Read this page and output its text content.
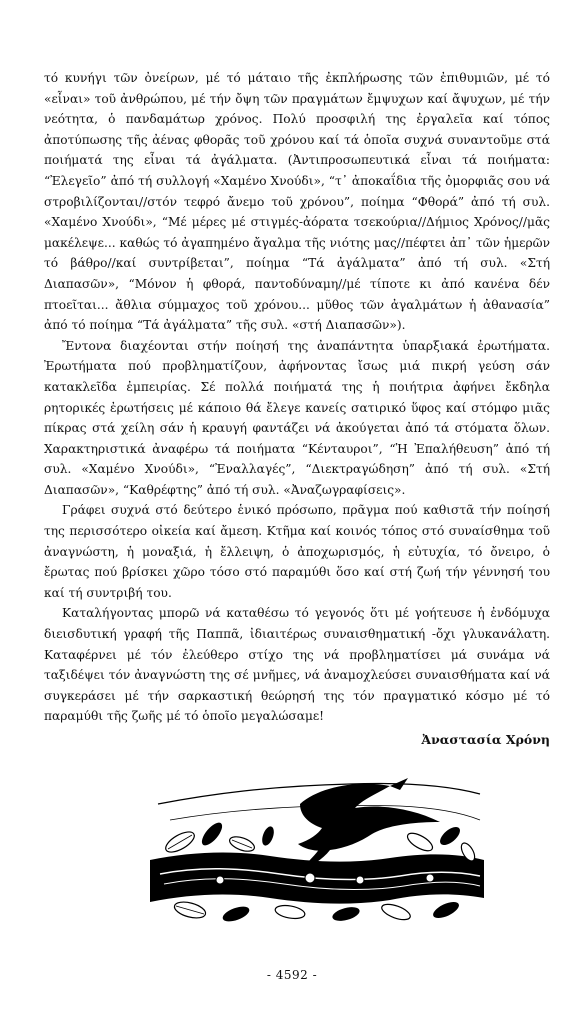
τό κυνήγι τῶν ὀνείρων, μέ τό μάταιο τῆς ἐκπλήρωσης τῶν ἐπιθυμιῶν, μέ τό «εἶναι» τοῦ ἀνθρώπου, μέ τήν ὄψη τῶν πραγμάτων ἔμψυχων καί ἄψυχων, μέ τήν νεότητα, ὁ πανδαμάτωρ χρόνος. Πολύ προσφιλή της ἐργαλεῖα καί τόπος ἀποτύπωσης τῆς ἀένας φθορᾶς τοῦ χρόνου καί τά ὁποῖα συχνά συναντοῦμε στά ποιήματά της εἶναι τά ἀγάλματα. (Ἀντιπροσωπευτικά εἶναι τά ποιήματα: “Ἐλεγεῖο” ἀπό τή συλλογή «Χαμένο Χνούδι», “τ᾽ ἀποκαΐδια τῆς ὀμορφιᾶς σου νά στροβιλίζονται//στόν τεφρό ἄνεμο τοῦ χρόνου”, ποίημα “Φθορά” ἀπό τή συλ. «Χαμένο Χνούδι», “Μέ μέρες μέ στιγμές-ἀόρατα τσεκούρια//Δήμιος Χρόνος//μᾶς μακέλεψε... καθώς τό ἀγαπημένο ἄγαλμα τῆς νιότης μας//πέφτει ἀπ᾽ τῶν ἡμερῶν τό βάθρο//καί συντρίβεται”, ποίημα “Τά ἀγάλματα” ἀπό τή συλ. «Στή Διαπασῶν», “Μόνον ἡ φθορά, παντοδύναμη//μέ τίποτε κι ἀπό κανένα δέν πτοεῖται... ἄθλια σύμμαχος τοῦ χρόνου... μῦθος τῶν ἀγαλμάτων ἡ ἀθανασία” ἀπό τό ποίημα “Τά ἀγάλματα” τῆς συλ. «στή Διαπασῶν»).

Ἔντονα διαχέονται στήν ποίησή της ἀναπάντητα ὑπαρξιακά ἐρωτήματα. Ἐρωτήματα πού προβληματίζουν, ἀφήνοντας ἴσως μιά πικρή γεύση σάν κατακλεῖδα ἐμπειρίας. Σέ πολλά ποιήματά της ἡ ποιήτρια ἀφήνει ἔκδηλα ρητορικές ἐρωτήσεις μέ κάποιο θά ἔλεγε κανείς σατιρικό ὕφος καί στόμφο μιᾶς πίκρας στά χείλη σάν ἡ κραυγή φαντάζει νά ἀκούγεται ἀπό τά στόματα ὅλων. Χαρακτηριστικά ἀναφέρω τά ποιήματα “Κένταυροι”, “Ἡ Ἐπαλήθευση” ἀπό τή συλ. «Χαμένο Χνούδι», “Ἐναλλαγές”, “Διεκτραγώδηση” ἀπό τή συλ. «Στή Διαπασῶν», “Καθρέφτης” ἀπό τή συλ. «Ἀναζωγραφίσεις».

Γράφει συχνά στό δεύτερο ἑνικό πρόσωπο, πρᾶγμα πού καθιστᾶ τήν ποίησή της περισσότερο οἰκεία καί ἄμεση. Κτῆμα καί κοινός τόπος στό συναίσθημα τοῦ ἀναγνώστη, ἡ μοναξιά, ἡ ἔλλειψη, ὁ ἀποχωρισμός, ἡ εὐτυχία, τό ὄνειρο, ὁ ἔρωτας πού βρίσκει χῶρο τόσο στό παραμύθι ὅσο καί στή ζωή τήν γέννησή του καί τή συντριβή του.

Καταλήγοντας μπορῶ νά καταθέσω τό γεγονός ὅτι μέ γοήτευσε ἡ ἐνδόμυχα διεισδυτική γραφή τῆς Παππᾶ, ἰδιαιτέρως συναισθηματική -ὄχι γλυκανάλατη. Καταφέρνει μέ τόν ἐλεύθερο στίχο της νά προβληματίσει μά συνάμα νά ταξιδέψει τόν ἀναγνώστη της σέ μνῆμες, νά ἀναμοχλεύσει συναισθήματα καί νά συγκεράσει μέ τήν σαρκαστική θεώρησή της τόν πραγματικό κόσμο μέ τό παραμύθι τῆς ζωῆς μέ τό ὁποῖο μεγαλώσαμε!

Ἀναστασία Χρόνη

- 4592 -
